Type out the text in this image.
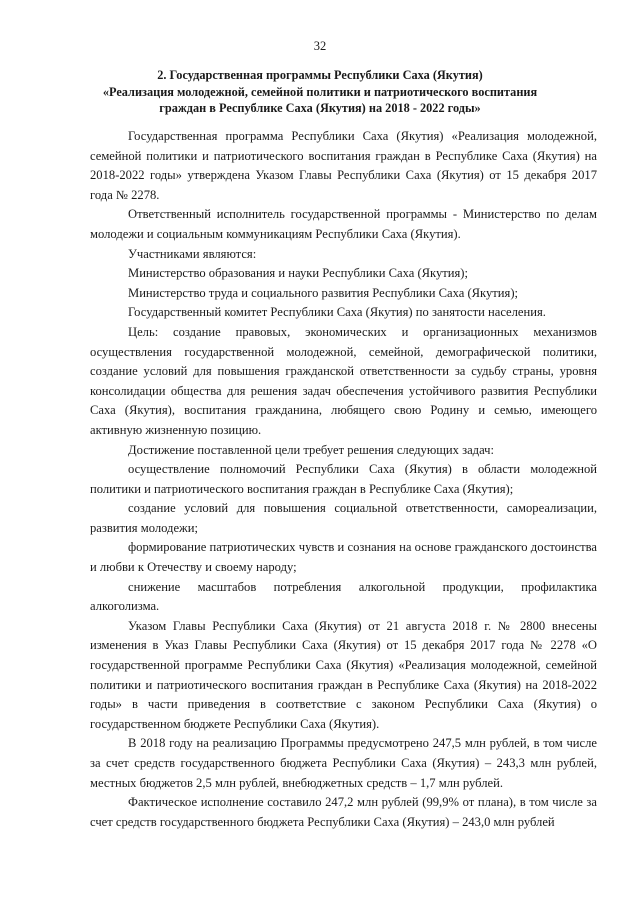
32
2. Государственная программы Республики Саха (Якутия)
«Реализация молодежной, семейной политики и патриотического воспитания
граждан в Республике Саха (Якутия) на 2018 - 2022 годы»

Государственная программа Республики Саха (Якутия) «Реализация молодежной, семейной политики и патриотического воспитания граждан в Республике Саха (Якутия) на 2018-2022 годы» утверждена Указом Главы Республики Саха (Якутия) от 15 декабря 2017 года № 2278.

Ответственный исполнитель государственной программы - Министерство по делам молодежи и социальным коммуникациям Республики Саха (Якутия).

Участниками являются:

Министерство образования и науки Республики Саха (Якутия);

Министерство труда и социального развития Республики Саха (Якутия);

Государственный комитет Республики Саха (Якутия) по занятости населения.

Цель: создание правовых, экономических и организационных механизмов осуществления государственной молодежной, семейной, демографической политики, создание условий для повышения гражданской ответственности за судьбу страны, уровня консолидации общества для решения задач обеспечения устойчивого развития Республики Саха (Якутия), воспитания гражданина, любящего свою Родину и семью, имеющего активную жизненную позицию.

Достижение поставленной цели требует решения следующих задач:

осуществление полномочий Республики Саха (Якутия) в области молодежной политики и патриотического воспитания граждан в Республике Саха (Якутия);

создание условий для повышения социальной ответственности, самореализации, развития молодежи;

формирование патриотических чувств и сознания на основе гражданского достоинства и любви к Отечеству и своему народу;

снижение масштабов потребления алкогольной продукции, профилактика алкоголизма.

Указом Главы Республики Саха (Якутия) от 21 августа 2018 г. № 2800 внесены изменения в Указ Главы Республики Саха (Якутия) от 15 декабря 2017 года № 2278 «О государственной программе Республики Саха (Якутия) «Реализация молодежной, семейной политики и патриотического воспитания граждан в Республике Саха (Якутия) на 2018-2022 годы» в части приведения в соответствие с законом Республики Саха (Якутия) о государственном бюджете Республики Саха (Якутия).

В 2018 году на реализацию Программы предусмотрено 247,5 млн рублей, в том числе за счет средств государственного бюджета Республики Саха (Якутия) – 243,3 млн рублей, местных бюджетов 2,5 млн рублей, внебюджетных средств – 1,7 млн рублей.

Фактическое исполнение составило 247,2 млн рублей (99,9% от плана), в том числе за счет средств государственного бюджета Республики Саха (Якутия) – 243,0 млн рублей
